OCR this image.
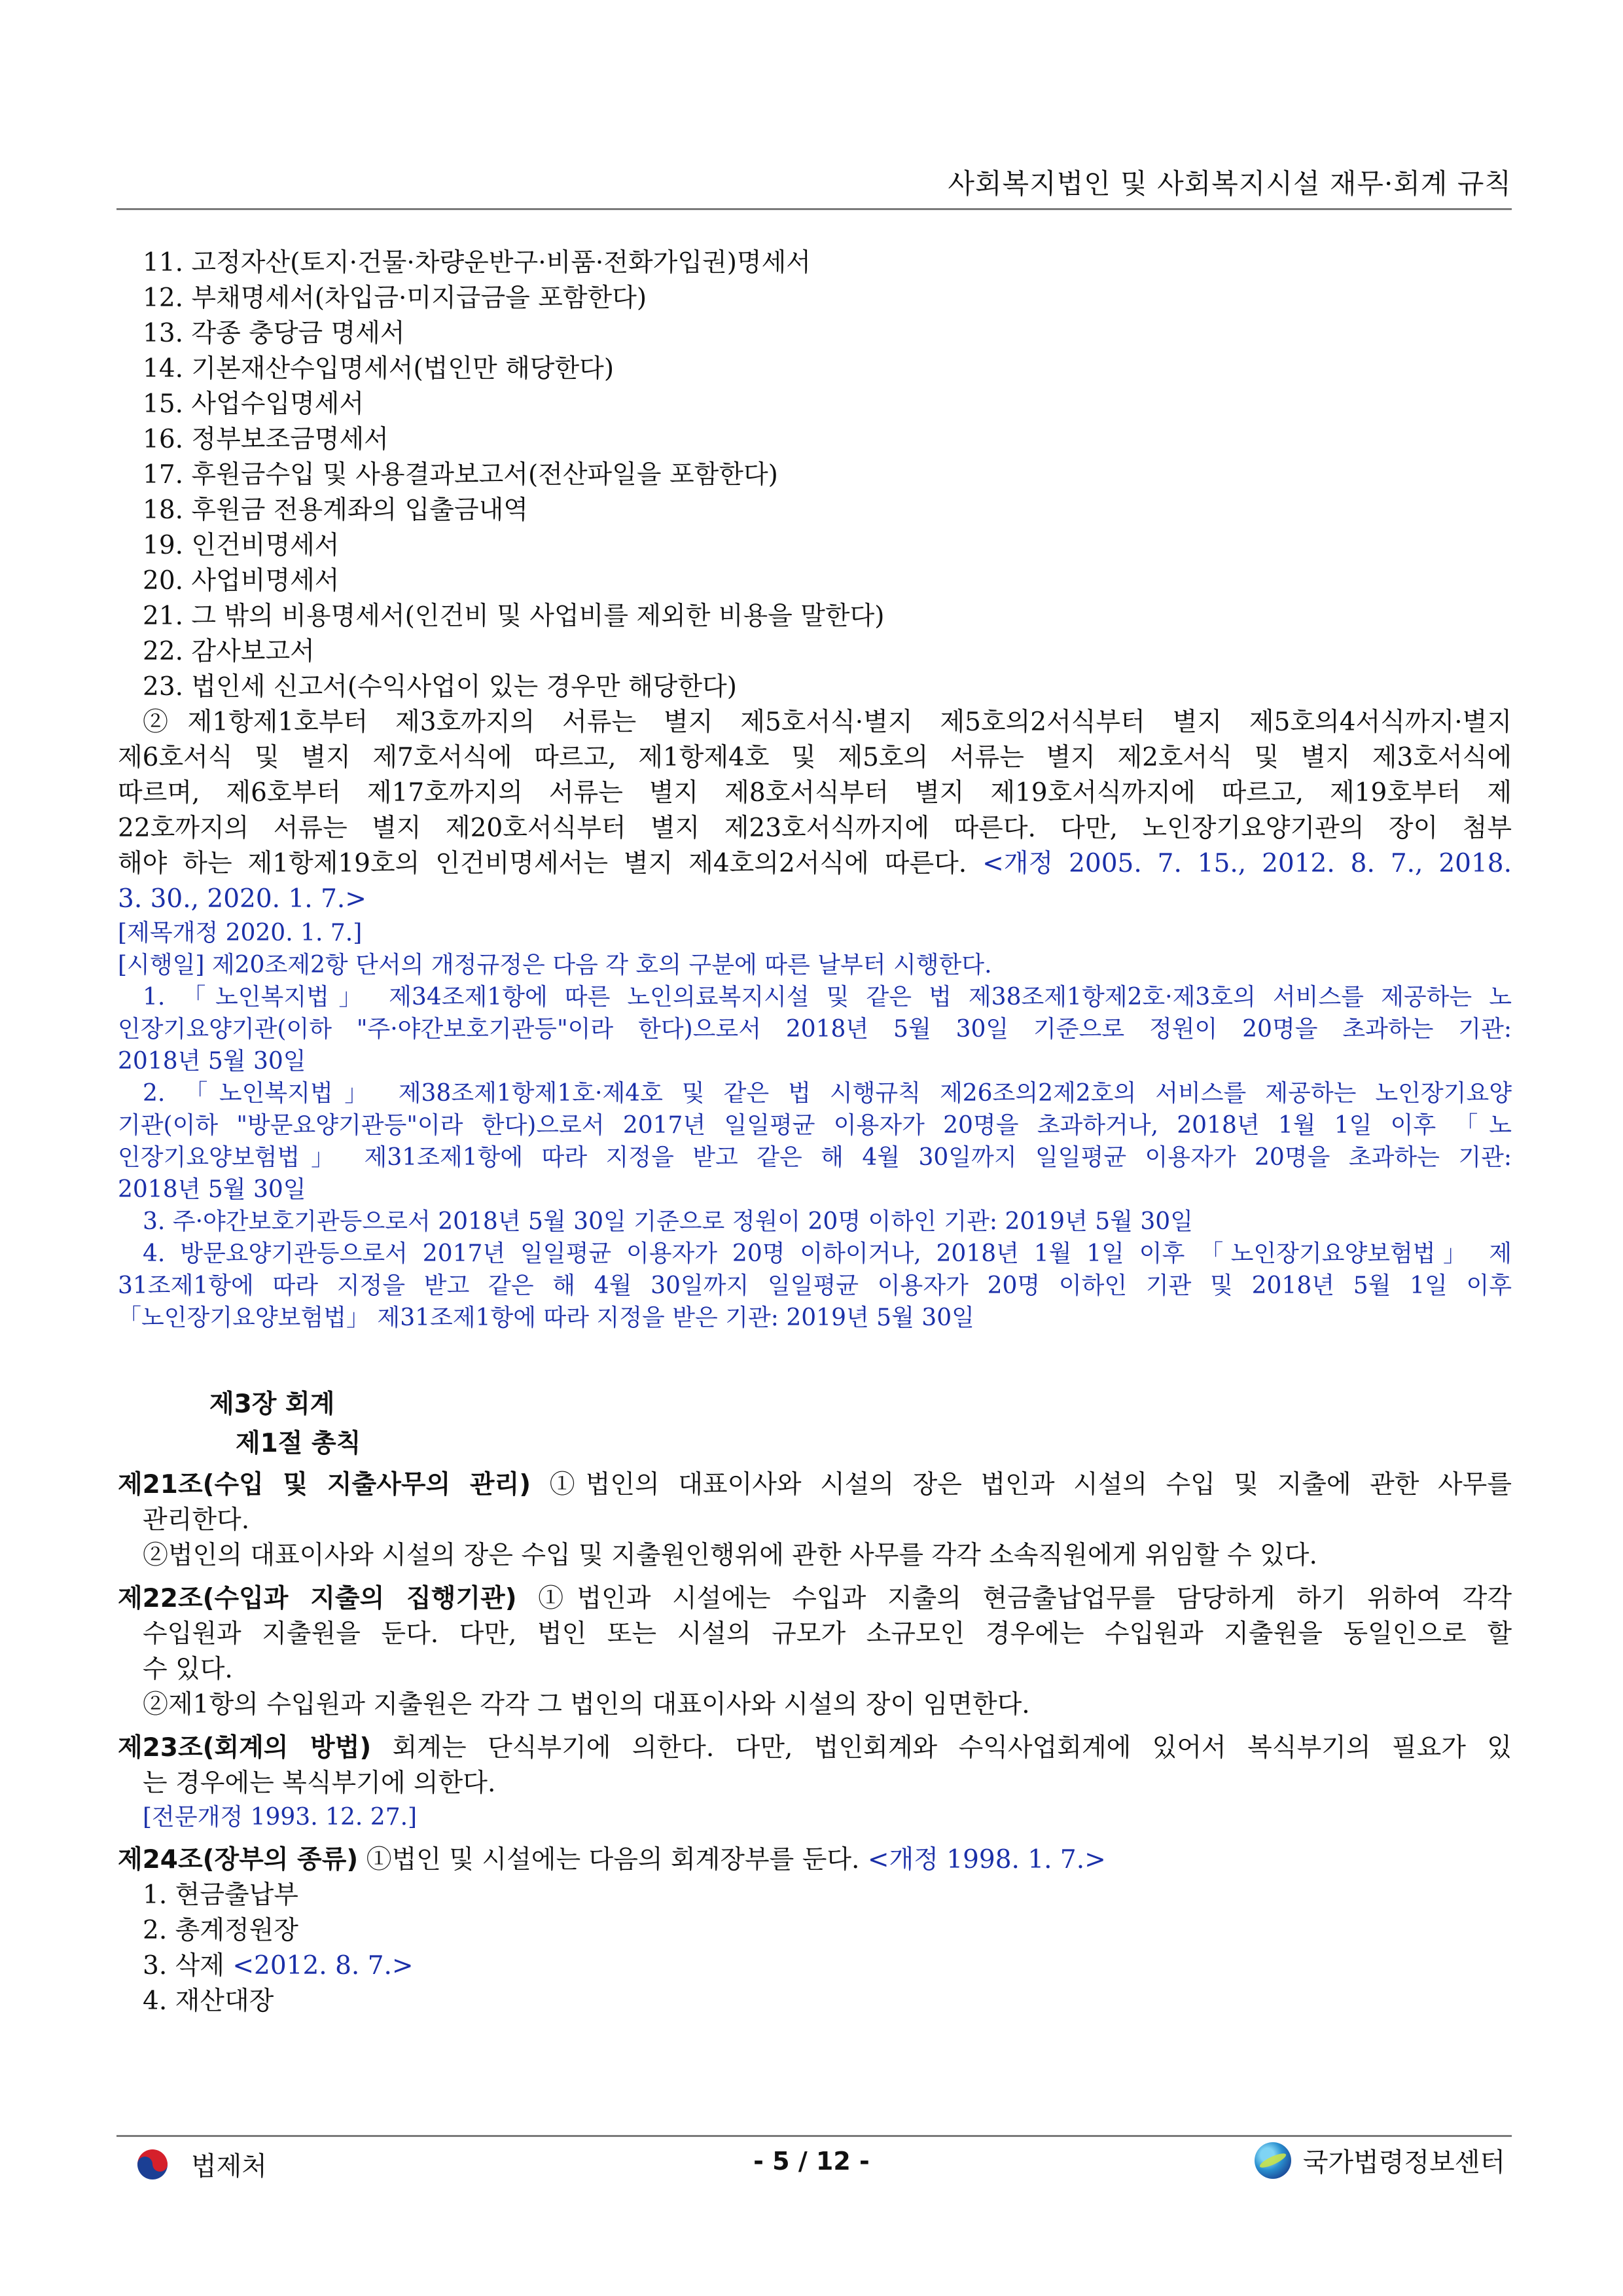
사회복지법인 및 사회복지시설 재무·회계 규칙
11. 고정자산(토지·건물·차량운반구·비품·전화가입권)명세서
12. 부채명세서(차입금·미지급금을 포함한다)
13. 각종 충당금 명세서
14. 기본재산수입명세서(법인만 해당한다)
15. 사업수입명세서
16. 정부보조금명세서
17. 후원금수입 및 사용결과보고서(전산파일을 포함한다)
18. 후원금 전용계좌의 입출금내역
19. 인건비명세서
20. 사업비명세서
21. 그 밖의 비용명세서(인건비 및 사업비를 제외한 비용을 말한다)
22. 감사보고서
23. 법인세 신고서(수익사업이 있는 경우만 해당한다)
②제1항제1호부터 제3호까지의 서류는 별지 제5호서식·별지 제5호의2서식부터 별지 제5호의4서식까지·별지
제6호서식 및 별지 제7호서식에 따르고, 제1항제4호 및 제5호의 서류는 별지 제2호서식 및 별지 제3호서식에
따르며, 제6호부터 제17호까지의 서류는 별지 제8호서식부터 별지 제19호서식까지에 따르고, 제19호부터 제
22호까지의 서류는 별지 제20호서식부터 별지 제23호서식까지에 따른다. 다만, 노인장기요양기관의 장이 첨부
해야 하는 제1항제19호의 인건비명세서는 별지 제4호의2서식에 따른다. <개정 2005. 7. 15., 2012. 8. 7., 2018.
3. 30., 2020. 1. 7.>
[제목개정 2020. 1. 7.]
[시행일] 제20조제2항 단서의 개정규정은 다음 각 호의 구분에 따른 날부터 시행한다.
1. 「노인복지법」 제34조제1항에 따른 노인의료복지시설 및 같은 법 제38조제1항제2호·제3호의 서비스를 제공하는 노
인장기요양기관(이하 "주·야간보호기관등"이라 한다)으로서 2018년 5월 30일 기준으로 정원이 20명을 초과하는 기관:
2018년 5월 30일
2. 「노인복지법」 제38조제1항제1호·제4호 및 같은 법 시행규칙 제26조의2제2호의 서비스를 제공하는 노인장기요양
기관(이하 "방문요양기관등"이라 한다)으로서 2017년 일일평균 이용자가 20명을 초과하거나, 2018년 1월 1일 이후 「노
인장기요양보험법」 제31조제1항에 따라 지정을 받고 같은 해 4월 30일까지 일일평균 이용자가 20명을 초과하는 기관:
2018년 5월 30일
3. 주·야간보호기관등으로서 2018년 5월 30일 기준으로 정원이 20명 이하인 기관: 2019년 5월 30일
4. 방문요양기관등으로서 2017년 일일평균 이용자가 20명 이하이거나, 2018년 1월 1일 이후 「노인장기요양보험법」 제
31조제1항에 따라 지정을 받고 같은 해 4월 30일까지 일일평균 이용자가 20명 이하인 기관 및 2018년 5월 1일 이후
「노인장기요양보험법」 제31조제1항에 따라 지정을 받은 기관: 2019년 5월 30일
제3장 회계
제1절 총칙
제21조(수입 및 지출사무의 관리) ①법인의 대표이사와 시설의 장은 법인과 시설의 수입 및 지출에 관한 사무를
관리한다.
②법인의 대표이사와 시설의 장은 수입 및 지출원인행위에 관한 사무를 각각 소속직원에게 위임할 수 있다.
제22조(수입과 지출의 집행기관) ①법인과 시설에는 수입과 지출의 현금출납업무를 담당하게 하기 위하여 각각
수입원과 지출원을 둔다. 다만, 법인 또는 시설의 규모가 소규모인 경우에는 수입원과 지출원을 동일인으로 할
수 있다.
②제1항의 수입원과 지출원은 각각 그 법인의 대표이사와 시설의 장이 임면한다.
제23조(회계의 방법) 회계는 단식부기에 의한다. 다만, 법인회계와 수익사업회계에 있어서 복식부기의 필요가 있
는 경우에는 복식부기에 의한다.
[전문개정 1993. 12. 27.]
제24조(장부의 종류) ①법인 및 시설에는 다음의 회계장부를 둔다. <개정 1998. 1. 7.>
1. 현금출납부
2. 총계정원장
3. 삭제 <2012. 8. 7.>
4. 재산대장
법제처	- 5 / 12 -	국가법령정보센터
